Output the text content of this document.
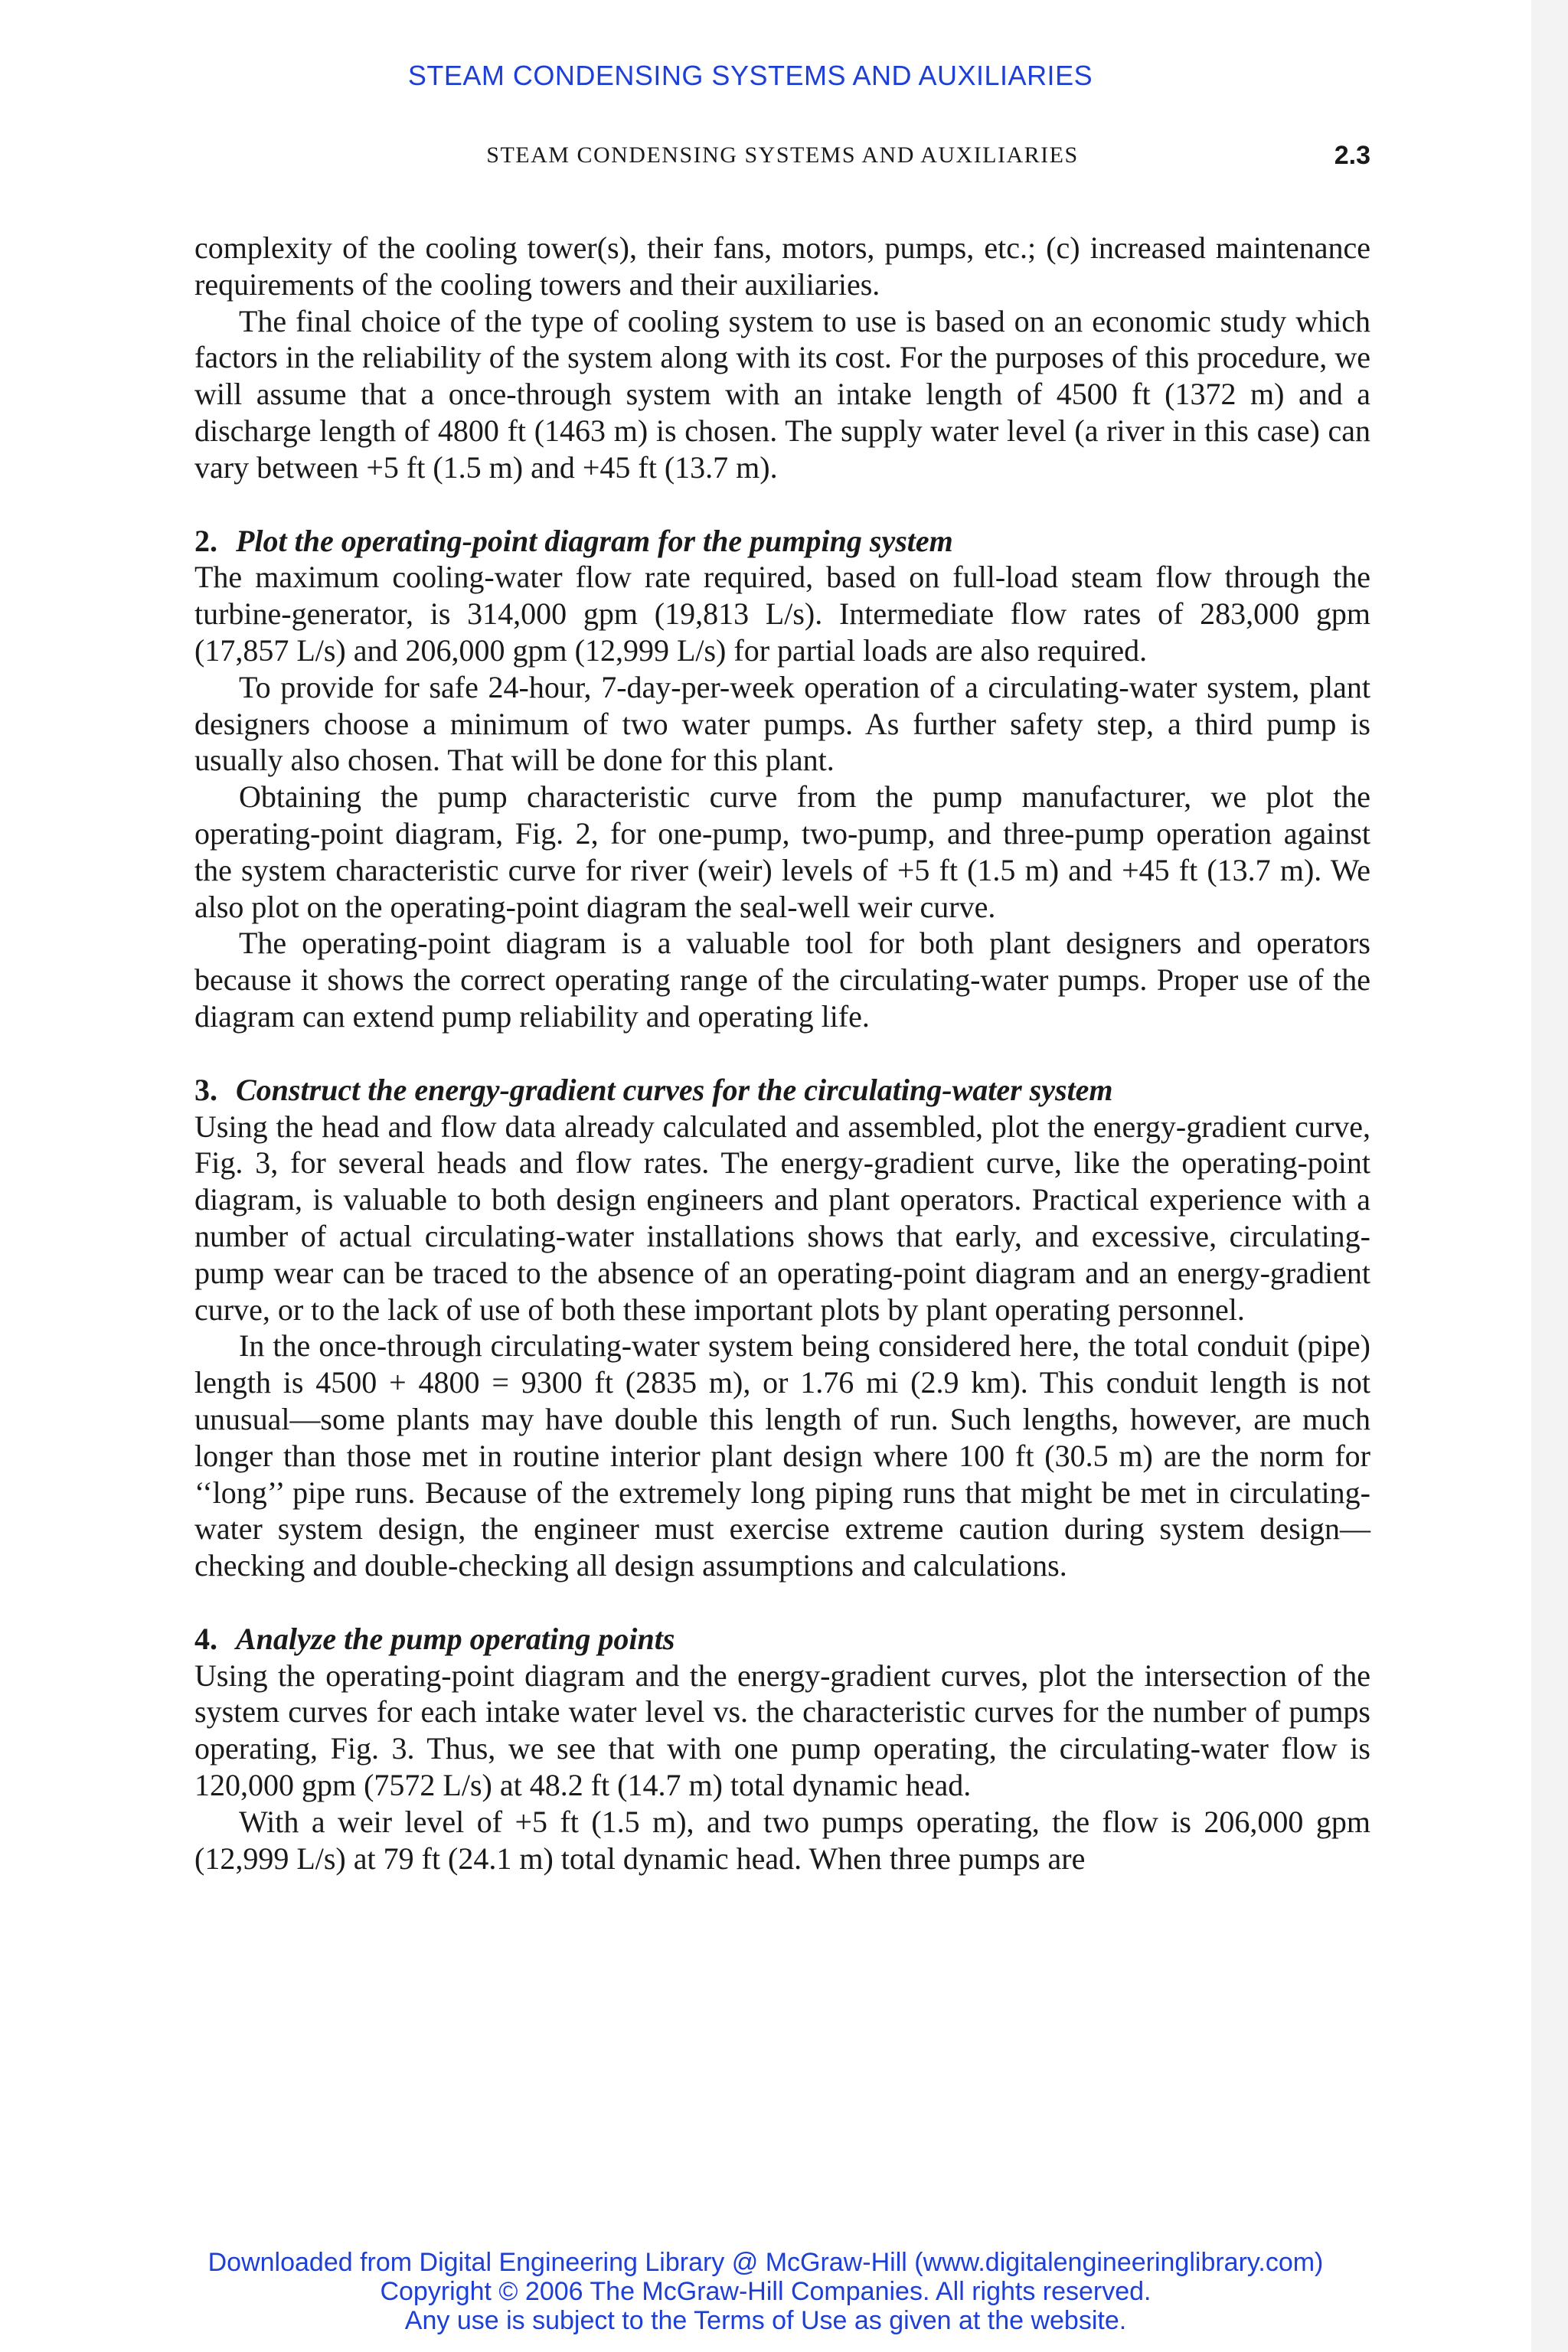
STEAM CONDENSING SYSTEMS AND AUXILIARIES
STEAM CONDENSING SYSTEMS AND AUXILIARIES	2.3

complexity of the cooling tower(s), their fans, motors, pumps, etc.; (c) increased maintenance requirements of the cooling towers and their auxiliaries.

The final choice of the type of cooling system to use is based on an economic study which factors in the reliability of the system along with its cost. For the purposes of this procedure, we will assume that a once-through system with an intake length of 4500 ft (1372 m) and a discharge length of 4800 ft (1463 m) is chosen. The supply water level (a river in this case) can vary between +5 ft (1.5 m) and +45 ft (13.7 m).

2. Plot the operating-point diagram for the pumping system

The maximum cooling-water flow rate required, based on full-load steam flow through the turbine-generator, is 314,000 gpm (19,813 L/s). Intermediate flow rates of 283,000 gpm (17,857 L/s) and 206,000 gpm (12,999 L/s) for partial loads are also required.

To provide for safe 24-hour, 7-day-per-week operation of a circulating-water system, plant designers choose a minimum of two water pumps. As further safety step, a third pump is usually also chosen. That will be done for this plant.

Obtaining the pump characteristic curve from the pump manufacturer, we plot the operating-point diagram, Fig. 2, for one-pump, two-pump, and three-pump operation against the system characteristic curve for river (weir) levels of +5 ft (1.5 m) and +45 ft (13.7 m). We also plot on the operating-point diagram the seal-well weir curve.

The operating-point diagram is a valuable tool for both plant designers and operators because it shows the correct operating range of the circulating-water pumps. Proper use of the diagram can extend pump reliability and operating life.

3. Construct the energy-gradient curves for the circulating-water system

Using the head and flow data already calculated and assembled, plot the energy-gradient curve, Fig. 3, for several heads and flow rates. The energy-gradient curve, like the operating-point diagram, is valuable to both design engineers and plant operators. Practical experience with a number of actual circulating-water installations shows that early, and excessive, circulating-pump wear can be traced to the absence of an operating-point diagram and an energy-gradient curve, or to the lack of use of both these important plots by plant operating personnel.

In the once-through circulating-water system being considered here, the total conduit (pipe) length is 4500 + 4800 = 9300 ft (2835 m), or 1.76 mi (2.9 km). This conduit length is not unusual—some plants may have double this length of run. Such lengths, however, are much longer than those met in routine interior plant design where 100 ft (30.5 m) are the norm for ‘‘long’’ pipe runs. Because of the extremely long piping runs that might be met in circulating-water system design, the engineer must exercise extreme caution during system design—checking and double-checking all design assumptions and calculations.

4. Analyze the pump operating points

Using the operating-point diagram and the energy-gradient curves, plot the intersection of the system curves for each intake water level vs. the characteristic curves for the number of pumps operating, Fig. 3. Thus, we see that with one pump operating, the circulating-water flow is 120,000 gpm (7572 L/s) at 48.2 ft (14.7 m) total dynamic head.

With a weir level of +5 ft (1.5 m), and two pumps operating, the flow is 206,000 gpm (12,999 L/s) at 79 ft (24.1 m) total dynamic head. When three pumps are

Downloaded from Digital Engineering Library @ McGraw-Hill (www.digitalengineeringlibrary.com)
Copyright © 2006 The McGraw-Hill Companies. All rights reserved.
Any use is subject to the Terms of Use as given at the website.
